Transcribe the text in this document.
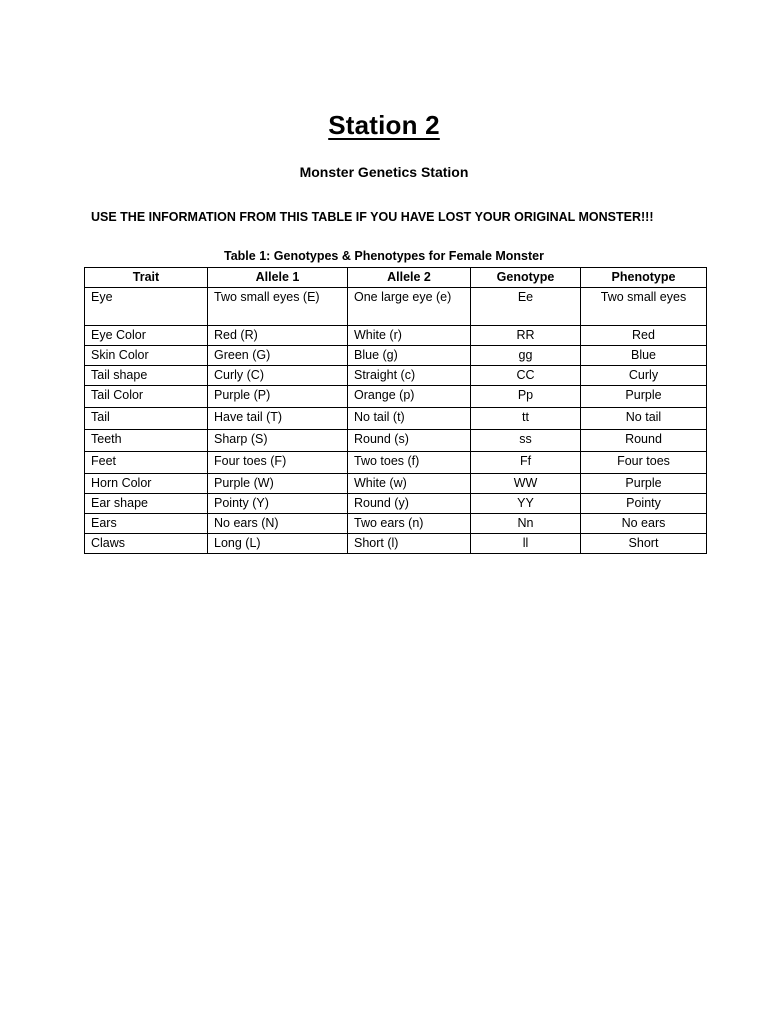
Station 2
Monster Genetics Station
USE THE INFORMATION FROM THIS TABLE IF YOU HAVE LOST YOUR ORIGINAL MONSTER!!!
Table 1: Genotypes & Phenotypes for Female Monster
Trait	Allele 1	Allele 2	Genotype	Phenotype
Eye	Two small eyes (E)	One large eye (e)	Ee	Two small eyes
Eye Color	Red (R)	White (r)	RR	Red
Skin Color	Green (G)	Blue (g)	gg	Blue
Tail shape	Curly (C)	Straight (c)	CC	Curly
Tail Color	Purple (P)	Orange (p)	Pp	Purple
Tail	Have tail (T)	No tail (t)	tt	No tail
Teeth	Sharp (S)	Round (s)	ss	Round
Feet	Four toes (F)	Two toes (f)	Ff	Four toes
Horn Color	Purple (W)	White (w)	WW	Purple
Ear shape	Pointy (Y)	Round (y)	YY	Pointy
Ears	No ears (N)	Two ears (n)	Nn	No ears
Claws	Long (L)	Short (l)	ll	Short
